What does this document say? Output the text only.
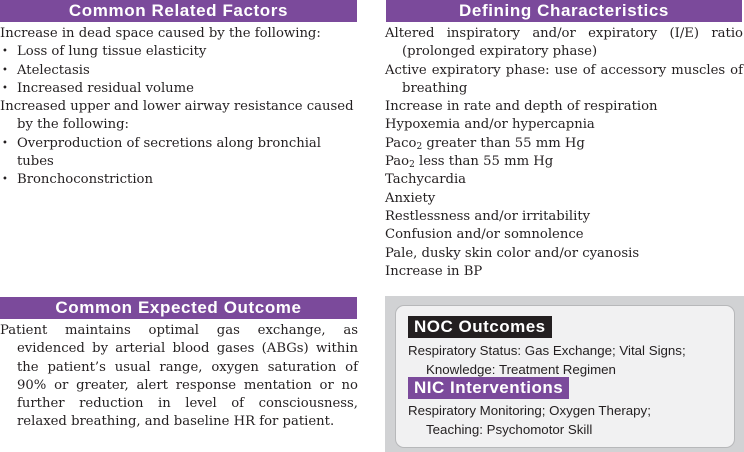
Common Related Factors
Increase in dead space caused by the following:
• Loss of lung tissue elasticity
• Atelectasis
• Increased residual volume
Increased upper and lower airway resistance caused by the following:
• Overproduction of secretions along bronchial tubes
• Bronchoconstriction
Defining Characteristics
Altered inspiratory and/or expiratory (I/E) ratio (prolonged expiratory phase)
Active expiratory phase: use of accessory muscles of breathing
Increase in rate and depth of respiration
Hypoxemia and/or hypercapnia
Paco$_2$ greater than 55 mm Hg
Pao$_2$ less than 55 mm Hg
Tachycardia
Anxiety
Restlessness and/or irritability
Confusion and/or somnolence
Pale, dusky skin color and/or cyanosis
Increase in BP
Common Expected Outcome
Patient maintains optimal gas exchange, as evidenced by arterial blood gases (ABGs) within the patient’s usual range, oxygen saturation of 90% or greater, alert response mentation or no further reduction in level of consciousness, relaxed breathing, and baseline HR for patient.
NOC Outcomes
Respiratory Status: Gas Exchange; Vital Signs; Knowledge: Treatment Regimen
NIC Interventions
Respiratory Monitoring; Oxygen Therapy; Teaching: Psychomotor Skill
